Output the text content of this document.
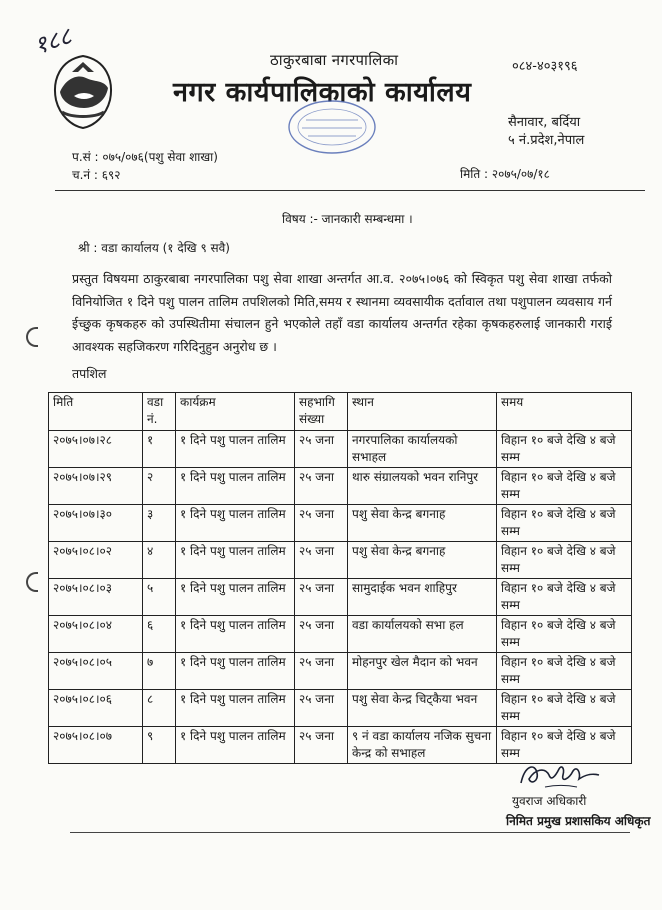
१८८	ठाकुरबाबा नगरपालिका
नगर कार्यपालिकाको कार्यालय
०८४-४०३१९६
सैनावार, बर्दिया
५ नं.प्रदेश,नेपाल
प.सं : ०७५/०७६(पशु सेवा शाखा)
च.नं : ६९२	मिति : २०७५/०७/१८
विषय :- जानकारी सम्बन्धमा ।
श्री : वडा कार्यालय (१ देखि ९ सवै)
प्रस्तुत विषयमा ठाकुरबाबा नगरपालिका पशु सेवा शाखा अन्तर्गत आ.व. २०७५।०७६ को स्विकृत पशु सेवा शाखा तर्फको विनियोजित १ दिने पशु पालन तालिम तपशिलको मिति,समय र स्थानमा व्यवसायीक दर्तावाल तथा पशुपालन व्यवसाय गर्न ईच्छुक कृषकहरु को उपस्थितीमा संचालन हुने भएकोले तहाँ वडा कार्यालय अन्तर्गत रहेका कृषकहरुलाई जानकारी गराई आवश्यक सहजिकरण गरिदिनुहुन अनुरोध छ ।
तपशिल
मिति	वडा नं.	कार्यक्रम	सहभागि संख्या	स्थान	समय
२०७५।०७।२८	१	१ दिने पशु पालन तालिम	२५ जना	नगरपालिका कार्यालयको सभाहल	विहान १० बजे देखि ४ बजे सम्म
२०७५।०७।२९	२	१ दिने पशु पालन तालिम	२५ जना	थारु संग्रालयको भवन रानिपुर	विहान १० बजे देखि ४ बजे सम्म
२०७५।०७।३०	३	१ दिने पशु पालन तालिम	२५ जना	पशु सेवा केन्द्र बगनाह	विहान १० बजे देखि ४ बजे सम्म
२०७५।०८।०२	४	१ दिने पशु पालन तालिम	२५ जना	पशु सेवा केन्द्र बगनाह	विहान १० बजे देखि ४ बजे सम्म
२०७५।०८।०३	५	१ दिने पशु पालन तालिम	२५ जना	सामुदाईक भवन शाहिपुर	विहान १० बजे देखि ४ बजे सम्म
२०७५।०८।०४	६	१ दिने पशु पालन तालिम	२५ जना	वडा कार्यालयको सभा हल	विहान १० बजे देखि ४ बजे सम्म
२०७५।०८।०५	७	१ दिने पशु पालन तालिम	२५ जना	मोहनपुर खेल मैदान को भवन	विहान १० बजे देखि ४ बजे सम्म
२०७५।०८।०६	८	१ दिने पशु पालन तालिम	२५ जना	पशु सेवा केन्द्र चिट्‌कैया भवन	विहान १० बजे देखि ४ बजे सम्म
२०७५।०८।०७	९	१ दिने पशु पालन तालिम	२५ जना	९ नं वडा कार्यालय नजिक सुचना केन्द्र को सभाहल	विहान १० बजे देखि ४ बजे सम्म
युवराज अधिकारी
निमित प्रमुख प्रशासकिय अधिकृत
